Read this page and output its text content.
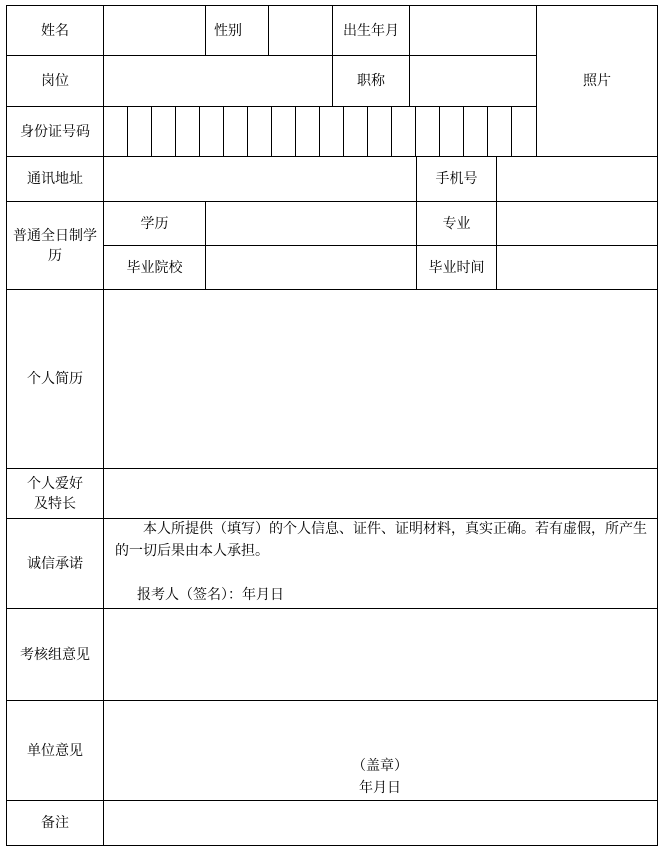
姓名	性别	出生年月
照片
岗位	职称
身份证号码
通讯地址	手机号
普通全日制学历
学历	专业
毕业院校	毕业时间
个人简历
个人爱好及特长
诚信承诺

本人所提供（填写）的个人信息、证件、证明材料，真实正确。若有虚假，所产生的一切后果由本人承担。

报考人（签名）：年月日

考核组意见
单位意见
（盖章）
年月日
备注
